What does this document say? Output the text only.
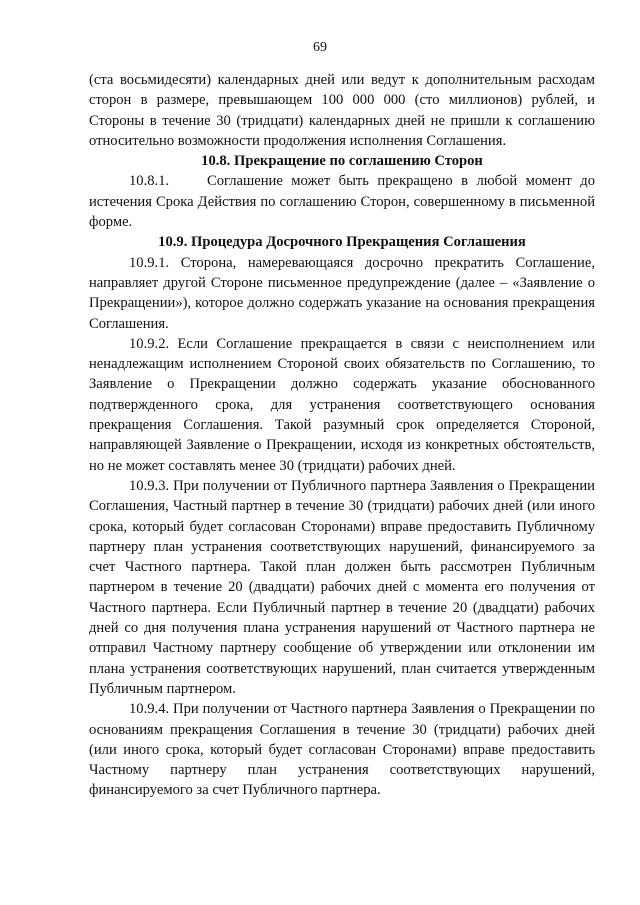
69

(ста восьмидесяти) календарных дней или ведут к дополнительным расходам сторон в размере, превышающем 100 000 000 (сто миллионов) рублей, и Стороны в течение 30 (тридцати) календарных дней не пришли к соглашению относительно возможности продолжения исполнения Соглашения.

10.8. Прекращение по соглашению Сторон

10.8.1.	Соглашение может быть прекращено в любой момент до истечения Срока Действия по соглашению Сторон, совершенному в письменной форме.

10.9. Процедура Досрочного Прекращения Соглашения

10.9.1. Сторона, намеревающаяся досрочно прекратить Соглашение, направляет другой Стороне письменное предупреждение (далее – «Заявление о Прекращении»), которое должно содержать указание на основания прекращения Соглашения.

10.9.2. Если Соглашение прекращается в связи с неисполнением или ненадлежащим исполнением Стороной своих обязательств по Соглашению, то Заявление о Прекращении должно содержать указание обоснованного подтвержденного срока, для устранения соответствующего основания прекращения Соглашения. Такой разумный срок определяется Стороной, направляющей Заявление о Прекращении, исходя из конкретных обстоятельств, но не может составлять менее 30 (тридцати) рабочих дней.

10.9.3. При получении от Публичного партнера Заявления о Прекращении Соглашения, Частный партнер в течение 30 (тридцати) рабочих дней (или иного срока, который будет согласован Сторонами) вправе предоставить Публичному партнеру план устранения соответствующих нарушений, финансируемого за счет Частного партнера. Такой план должен быть рассмотрен Публичным партнером в течение 20 (двадцати) рабочих дней с момента его получения от Частного партнера. Если Публичный партнер в течение 20 (двадцати) рабочих дней со дня получения плана устранения нарушений от Частного партнера не отправил Частному партнеру сообщение об утверждении или отклонении им плана устранения соответствующих нарушений, план считается утвержденным Публичным партнером.

10.9.4. При получении от Частного партнера Заявления о Прекращении по основаниям прекращения Соглашения в течение 30 (тридцати) рабочих дней (или иного срока, который будет согласован Сторонами) вправе предоставить Частному партнеру план устранения соответствующих нарушений, финансируемого за счет Публичного партнера.
